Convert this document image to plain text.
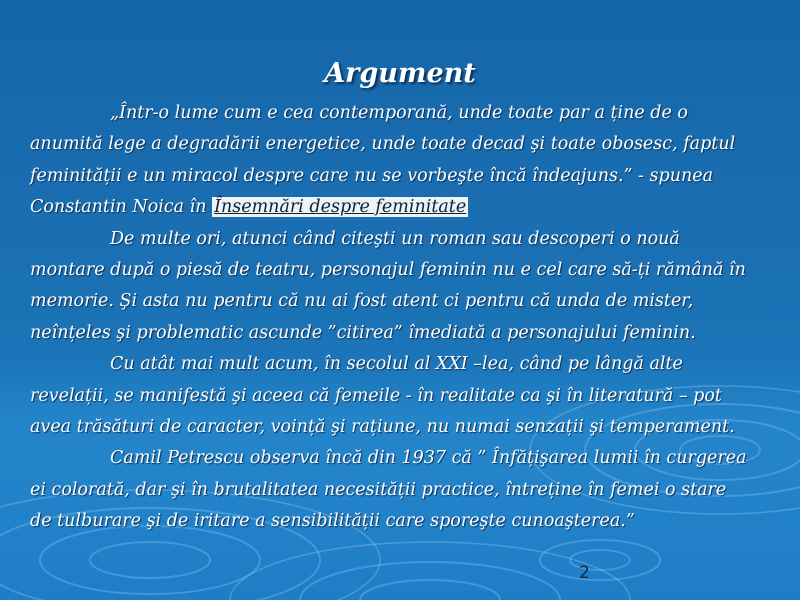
Argument
„Într-o lume cum e cea contemporană, unde toate par a ține de o
anumită lege a degradării energetice, unde toate decad şi toate obosesc, faptul
feminității e un miracol despre care nu se vorbeşte încă îndeajuns.” - spunea
Constantin Noica în Însemnări despre feminitate
De multe ori, atunci când citeşti un roman sau descoperi o nouă
montare după o piesă de teatru, personajul feminin nu e cel care să-ți rămână în
memorie. Şi asta nu pentru că nu ai fost atent ci pentru că unda de mister,
neînțeles şi problematic ascunde ”citirea” îmediată a personajului feminin.
Cu atât mai mult acum, în secolul al XXI –lea, când pe lângă alte
revelații, se manifestă şi aceea că femeile - în realitate ca şi în literatură – pot
avea trăsături de caracter, voință şi rațiune, nu numai senzații şi temperament.
Camil Petrescu observa încă din 1937 că ” Înfățişarea lumii în curgerea
ei colorată, dar şi în brutalitatea necesității practice, întreține în femei o stare
de tulburare şi de iritare a sensibilității care sporeşte cunoaşterea.”
2
